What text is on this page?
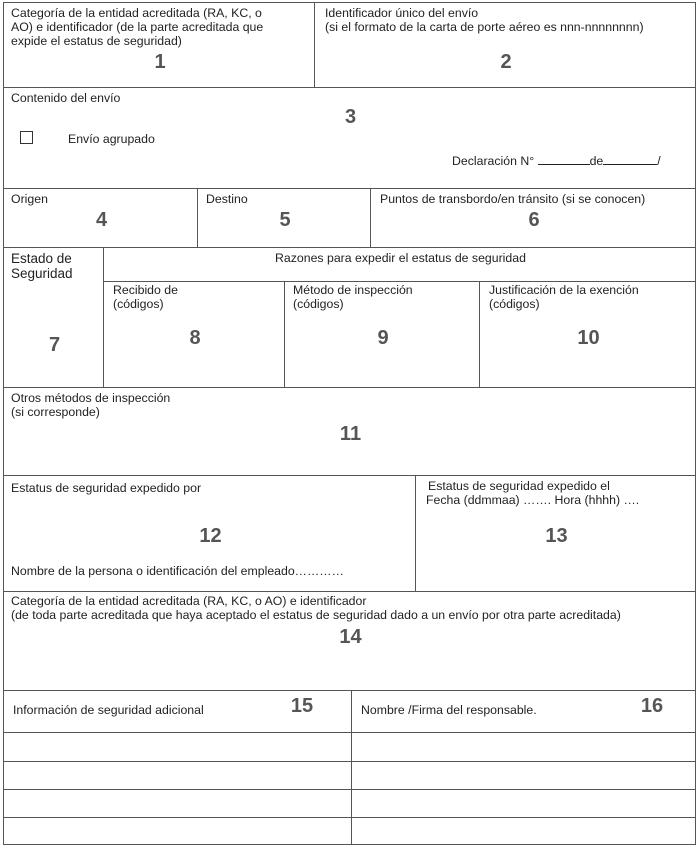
Categoría de la entidad acreditada (RA, KC, o
AO) e identificador (de la parte acreditada que
expide el estatus de seguridad)
1
Identificador único del envío
(si el formato de la carta de porte aéreo es nnn-nnnnnnnn)
2
Contenido del envío
3
Envío agrupado
Declaración N°	de	/
Origen
4
Destino
5
Puntos de transbordo/en tránsito (si se conocen)
6
Estado de
Seguridad
7
Razones para expedir el estatus de seguridad
Recibido de
(códigos)
8
Método de inspección
(códigos)
9
Justificación de la exención
(códigos)
10
Otros métodos de inspección
(si corresponde)
11
Estatus de seguridad expedido por
12
Nombre de la persona o identificación del empleado…………
Estatus de seguridad expedido el
Fecha (ddmmaa) ……. Hora (hhhh) ….
13
Categoría de la entidad acreditada (RA, KC, o AO) e identificador
(de toda parte acreditada que haya aceptado el estatus de seguridad dado a un envío por otra parte acreditada)
14
Información de seguridad adicional	15	Nombre /Firma del responsable.	16
